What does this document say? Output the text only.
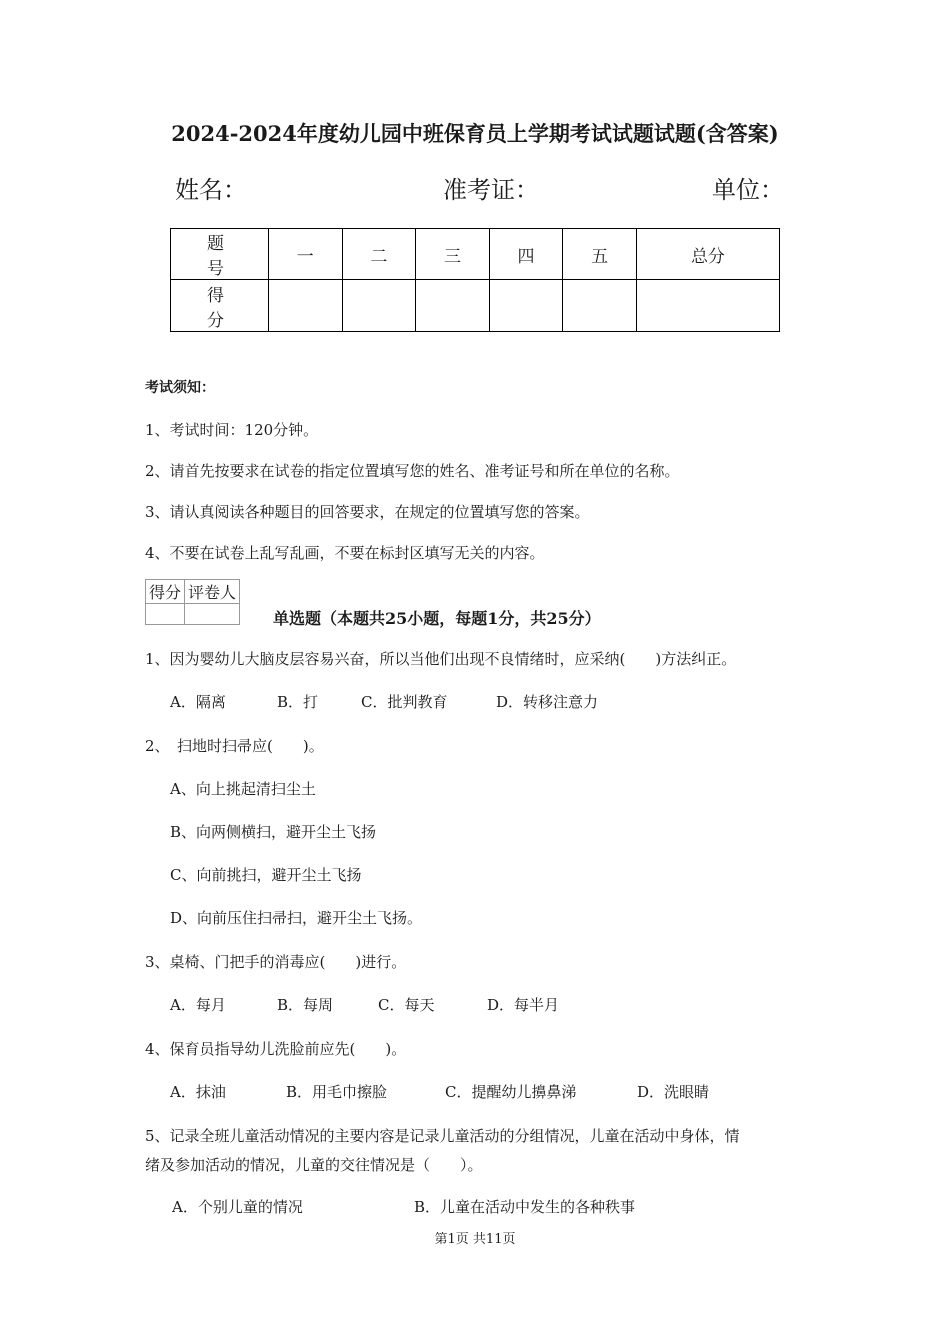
2024-2024年度幼儿园中班保育员上学期考试试题试题(含答案)
姓名：	准考证：	单位：
题　号	一	二	三	四	五	总分
得　分						
考试须知：
1、考试时间：120分钟。
2、请首先按要求在试卷的指定位置填写您的姓名、准考证号和所在单位的名称。
3、请认真阅读各种题目的回答要求，在规定的位置填写您的答案。
4、不要在试卷上乱写乱画，不要在标封区填写无关的内容。
得分	评卷人

单选题（本题共25小题，每题1分，共25分）
1、因为婴幼儿大脑皮层容易兴奋，所以当他们出现不良情绪时，应采纳(　　)方法纠正。
A．隔离	B．打	C．批判教育	D．转移注意力
2、　扫地时扫帚应(　　)。
A、向上挑起清扫尘土
B、向两侧横扫，避开尘土飞扬
C、向前挑扫，避开尘土飞扬
D、向前压住扫帚扫，避开尘土飞扬。
3、桌椅、门把手的消毒应(　　)进行。
A．每月	B．每周	C．每天	D．每半月
4、保育员指导幼儿洗脸前应先(　　)。
A．抹油	B．用毛巾擦脸	C．提醒幼儿擤鼻涕	D．洗眼睛
5、记录全班儿童活动情况的主要内容是记录儿童活动的分组情况，儿童在活动中身体，情
绪及参加活动的情况，儿童的交往情况是（　　）。
A．个别儿童的情况	B．儿童在活动中发生的各种秩事
第1页 共11页
